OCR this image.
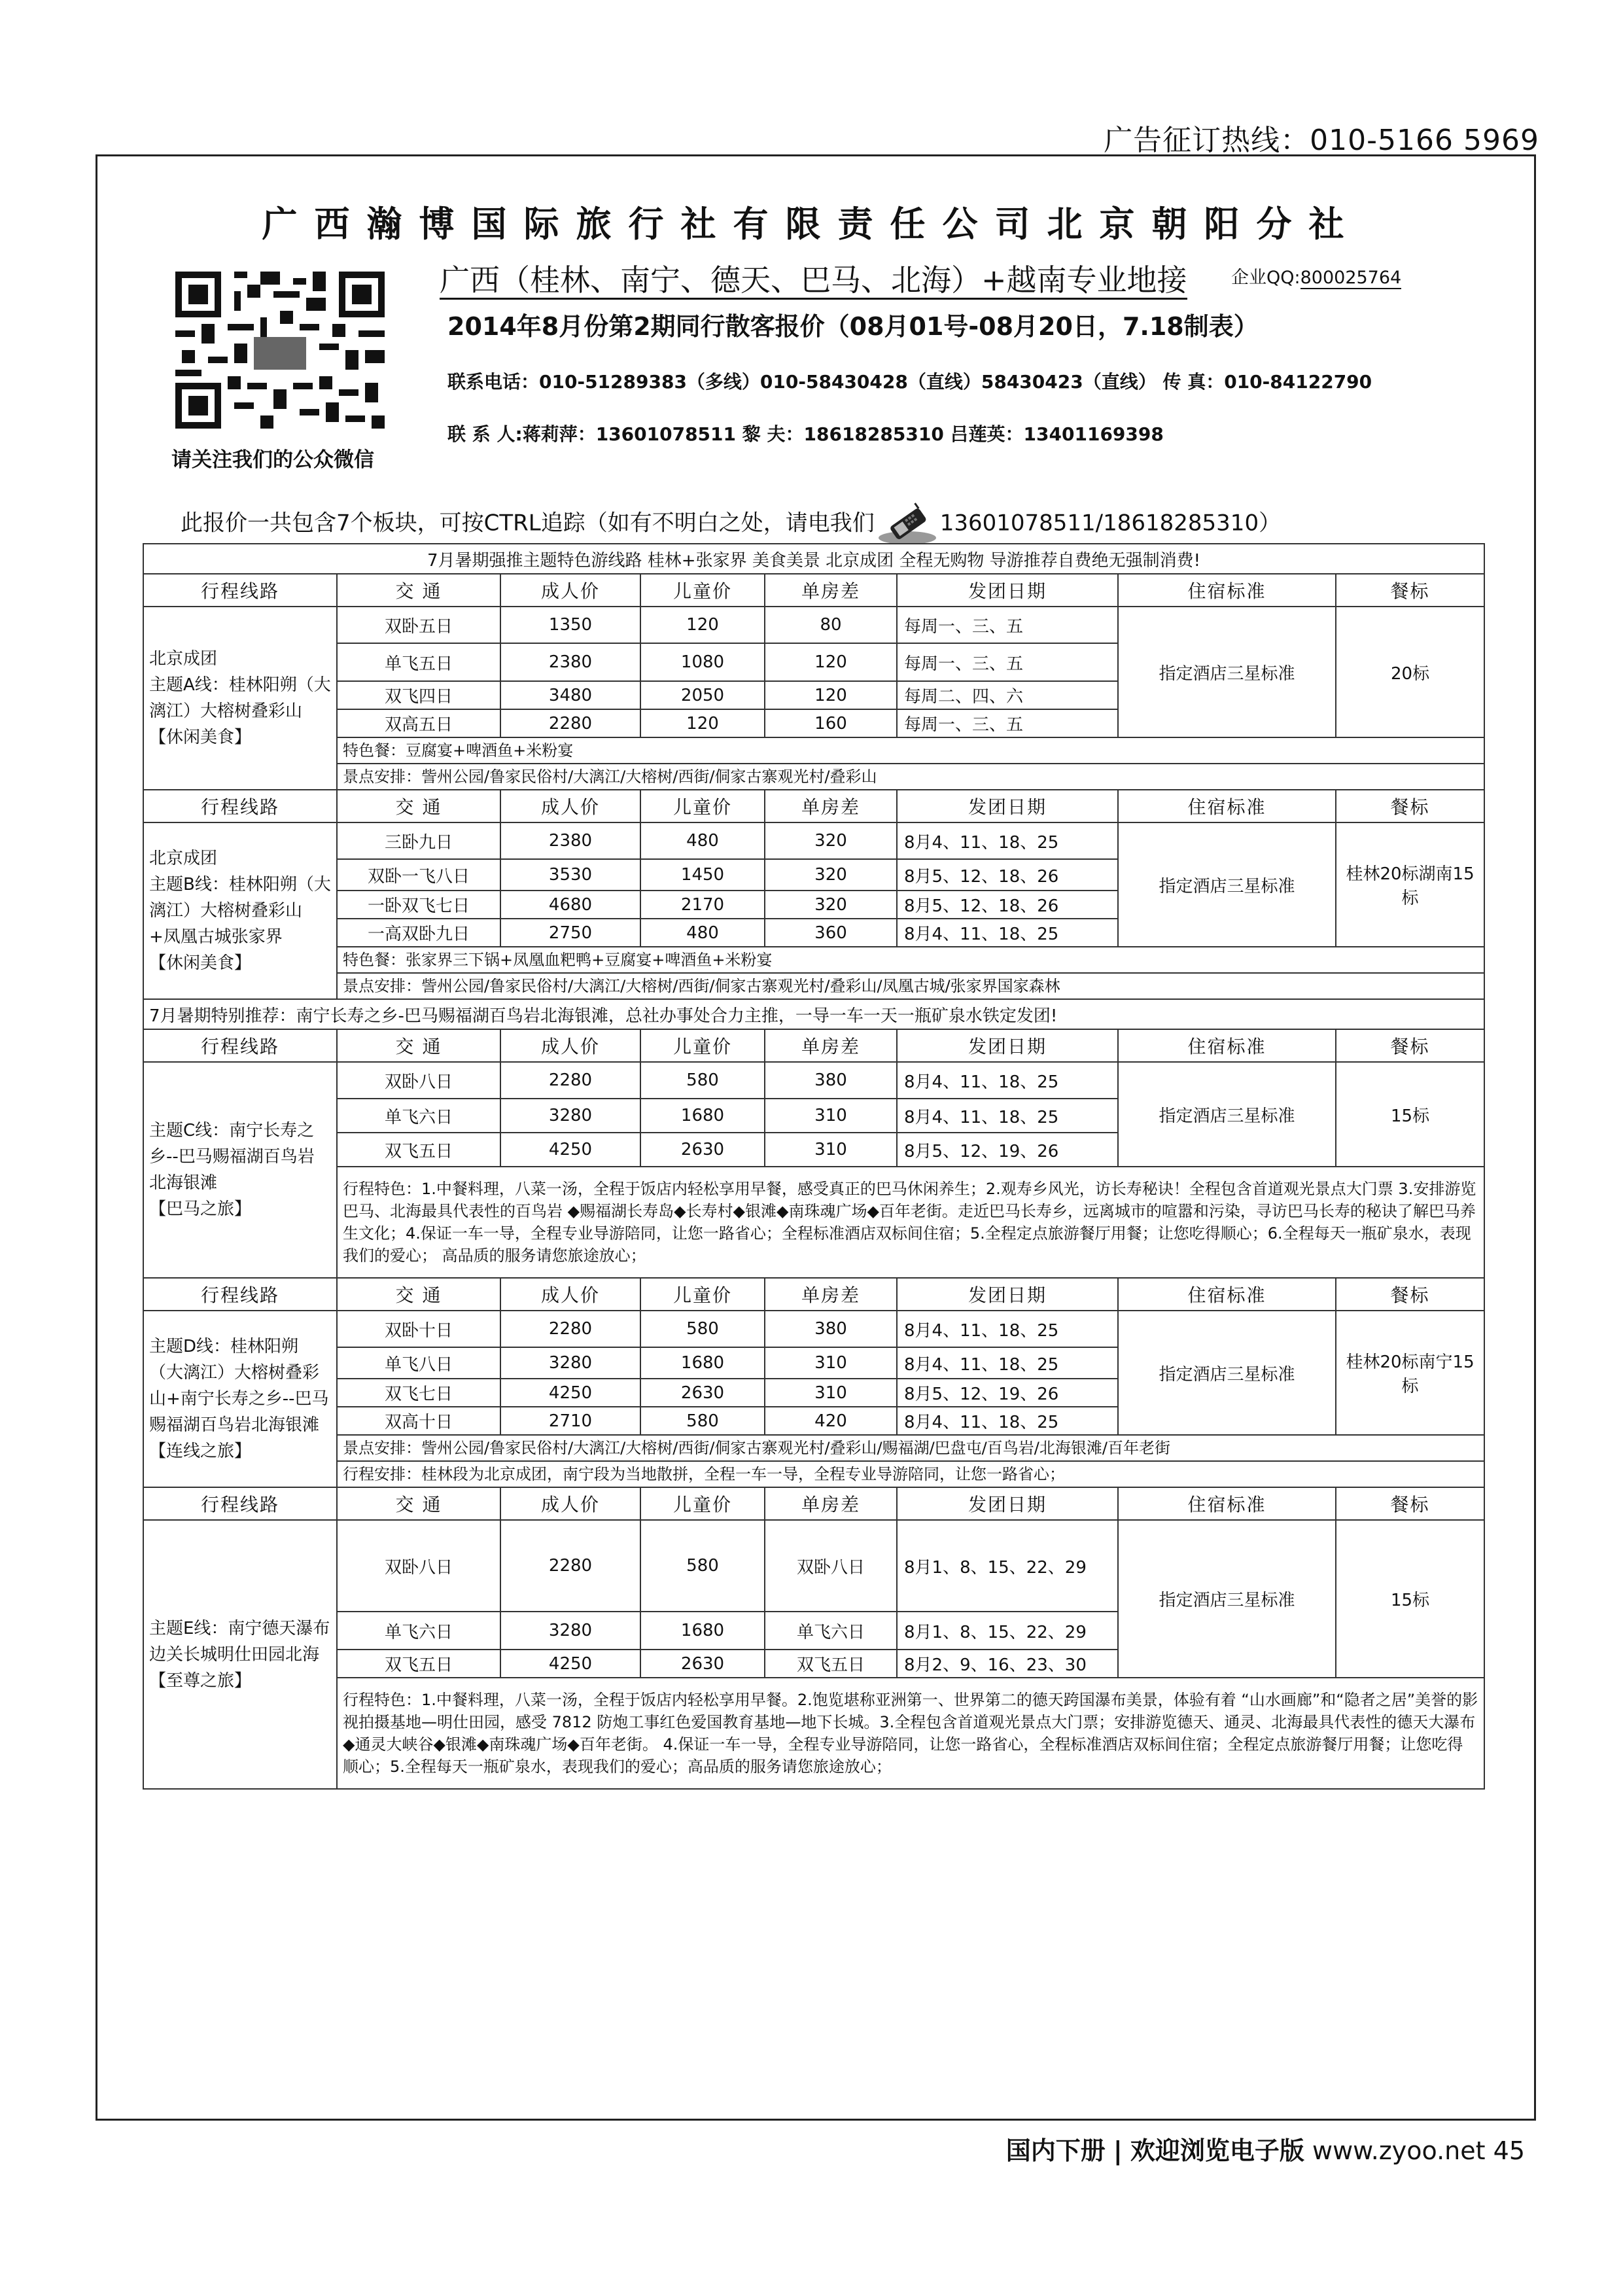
广告征订热线：010-5166 5969
广西瀚博国际旅行社有限责任公司北京朝阳分社
请关注我们的公众微信
广西（桂林、南宁、德天、巴马、北海）+越南专业地接 企业QQ:800025764
2014年8月份第2期同行散客报价（08月01号-08月20日，7.18制表）
联系电话：010-51289383（多线）010-58430428（直线）58430423（直线） 传 真：010-84122790
联 系 人:蒋莉萍：13601078511 黎 夫：18618285310 吕莲英：13401169398
此报价一共包含7个板块，可按CTRL追踪（如有不明白之处，请电我们	13601078511/18618285310）
7月暑期强推主题特色游线路 桂林+张家界 美食美景 北京成团 全程无购物 导游推荐自费绝无强制消费!							
行程线路	交 通	成人价	儿童价	单房差	发团日期	住宿标准	餐标
北京成团
主题A线：桂林阳朔（大漓江）大榕树叠彩山
【休闲美食】	双卧五日	1350	120	80	每周一、三、五	指定酒店三星标准	20标
	单飞五日	2380	1080	120	每周一、三、五		
	双飞四日	3480	2050	120	每周二、四、六		
	双高五日	2280	120	160	每周一、三、五		
	特色餐：豆腐宴+啤酒鱼+米粉宴						
	景点安排：訾州公园/鲁家民俗村/大漓江/大榕树/西街/侗家古寨观光村/叠彩山						
行程线路	交 通	成人价	儿童价	单房差	发团日期	住宿标准	餐标
北京成团
主题B线：桂林阳朔（大漓江）大榕树叠彩山+凤凰古城张家界
【休闲美食】	三卧九日	2380	480	320	8月4、11、18、25	指定酒店三星标准	桂林20标湖南15标
	双卧一飞八日	3530	1450	320	8月5、12、18、26		
	一卧双飞七日	4680	2170	320	8月5、12、18、26		
	一高双卧九日	2750	480	360	8月4、11、18、25		
	特色餐：张家界三下锅+凤凰血粑鸭+豆腐宴+啤酒鱼+米粉宴						
	景点安排：訾州公园/鲁家民俗村/大漓江/大榕树/西街/侗家古寨观光村/叠彩山/凤凰古城/张家界国家森林						
7月暑期特别推荐：南宁长寿之乡-巴马赐福湖百鸟岩北海银滩，总社办事处合力主推，一导一车一天一瓶矿泉水铁定发团!							
行程线路	交 通	成人价	儿童价	单房差	发团日期	住宿标准	餐标
主题C线：南宁长寿之乡--巴马赐福湖百鸟岩北海银滩
【巴马之旅】	双卧八日	2280	580	380	8月4、11、18、25	指定酒店三星标准	15标
	单飞六日	3280	1680	310	8月4、11、18、25		
	双飞五日	4250	2630	310	8月5、12、19、26		
	行程特色：1.中餐料理，八菜一汤，全程于饭店内轻松享用早餐，感受真正的巴马休闲养生；2.观寿乡风光，访长寿秘诀！全程包含首道观光景点大门票 3.安排游览巴马、北海最具代表性的百鸟岩 ◆赐福湖长寿岛◆长寿村◆银滩◆南珠魂广场◆百年老街。走近巴马长寿乡，远离城市的喧嚣和污染，寻访巴马长寿的秘诀了解巴马养生文化；4.保证一车一导，全程专业导游陪同，让您一路省心；全程标准酒店双标间住宿；5.全程定点旅游餐厅用餐；让您吃得顺心；6.全程每天一瓶矿泉水，表现我们的爱心； 高品质的服务请您旅途放心；						
行程线路	交 通	成人价	儿童价	单房差	发团日期	住宿标准	餐标
主题D线：桂林阳朔（大漓江）大榕树叠彩山+南宁长寿之乡--巴马赐福湖百鸟岩北海银滩【连线之旅】	双卧十日	2280	580	380	8月4、11、18、25	指定酒店三星标准	桂林20标南宁15标
	单飞八日	3280	1680	310	8月4、11、18、25		
	双飞七日	4250	2630	310	8月5、12、19、26		
	双高十日	2710	580	420	8月4、11、18、25		
	景点安排：訾州公园/鲁家民俗村/大漓江/大榕树/西街/侗家古寨观光村/叠彩山/赐福湖/巴盘屯/百鸟岩/北海银滩/百年老街						
	行程安排：桂林段为北京成团，南宁段为当地散拼，全程一车一导，全程专业导游陪同，让您一路省心；						
行程线路	交 通	成人价	儿童价	单房差	发团日期	住宿标准	餐标
主题E线：南宁德天瀑布边关长城明仕田园北海
【至尊之旅】	双卧八日	2280	580	双卧八日	8月1、8、15、22、29	指定酒店三星标准	15标
	单飞六日	3280	1680	单飞六日	8月1、8、15、22、29		
	双飞五日	4250	2630	双飞五日	8月2、9、16、23、30		
	行程特色：1.中餐料理，八菜一汤，全程于饭店内轻松享用早餐。2.饱览堪称亚洲第一、世界第二的德天跨国瀑布美景，体验有着 “山水画廊”和“隐者之居”美誉的影视拍摄基地—明仕田园，感受 7812 防炮工事红色爱国教育基地—地下长城。3.全程包含首道观光景点大门票；安排游览德天、通灵、北海最具代表性的德天大瀑布 ◆通灵大峡谷◆银滩◆南珠魂广场◆百年老街。 4.保证一车一导，全程专业导游陪同，让您一路省心，全程标准酒店双标间住宿；全程定点旅游餐厅用餐；让您吃得顺心；5.全程每天一瓶矿泉水，表现我们的爱心；高品质的服务请您旅途放心；						
国内下册 | 欢迎浏览电子版 www.zyoo.net 45
